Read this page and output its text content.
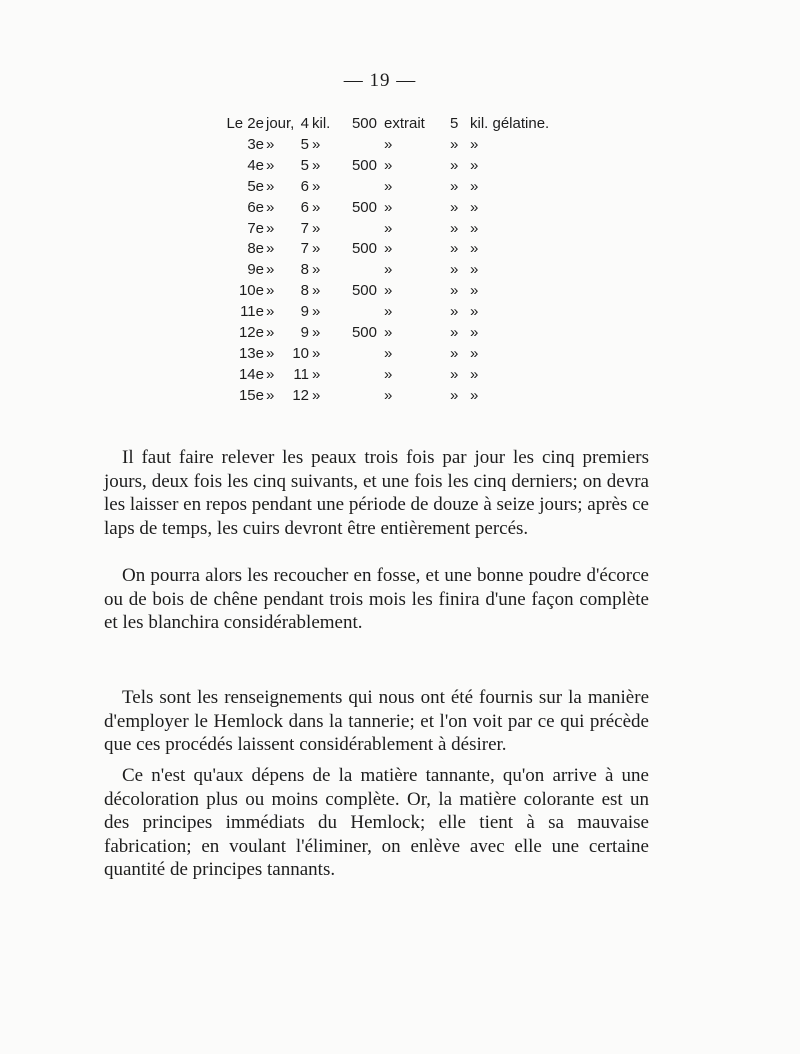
— 19 —
Le 2e jour, 4 kil.	500 extrait	5 kil. gélatine.
3e »	5 »	»	» »
4e »	5 »	500 »	» »
5e »	6 »	»	» »
6e »	6 »	500 »	» »
7e »	7 »	»	» »
8e »	7 »	500 »	» »
9e »	8 »	»	» »
10e »	8 »	500 »	» »
11e »	9 »	»	» »
12e »	9 »	500 »	» »
13e »	10 »	»	» »
14e »	11 »	»	» »
15e »	12 »	»	» »

Il faut faire relever les peaux trois fois par jour les cinq premiers jours, deux fois les cinq suivants, et une fois les cinq derniers; on devra les laisser en repos pendant une période de douze à seize jours; après ce laps de temps, les cuirs devront être entièrement percés.

On pourra alors les recoucher en fosse, et une bonne poudre d'écorce ou de bois de chêne pendant trois mois les finira d'une façon complète et les blanchira considérablement.

Tels sont les renseignements qui nous ont été fournis sur la manière d'employer le Hemlock dans la tannerie; et l'on voit par ce qui précède que ces procédés laissent considérablement à désirer.

Ce n'est qu'aux dépens de la matière tannante, qu'on arrive à une décoloration plus ou moins complète. Or, la matière colorante est un des principes immédiats du Hemlock; elle tient à sa mauvaise fabrication; en voulant l'éliminer, on enlève avec elle une certaine quantité de principes tannants.
